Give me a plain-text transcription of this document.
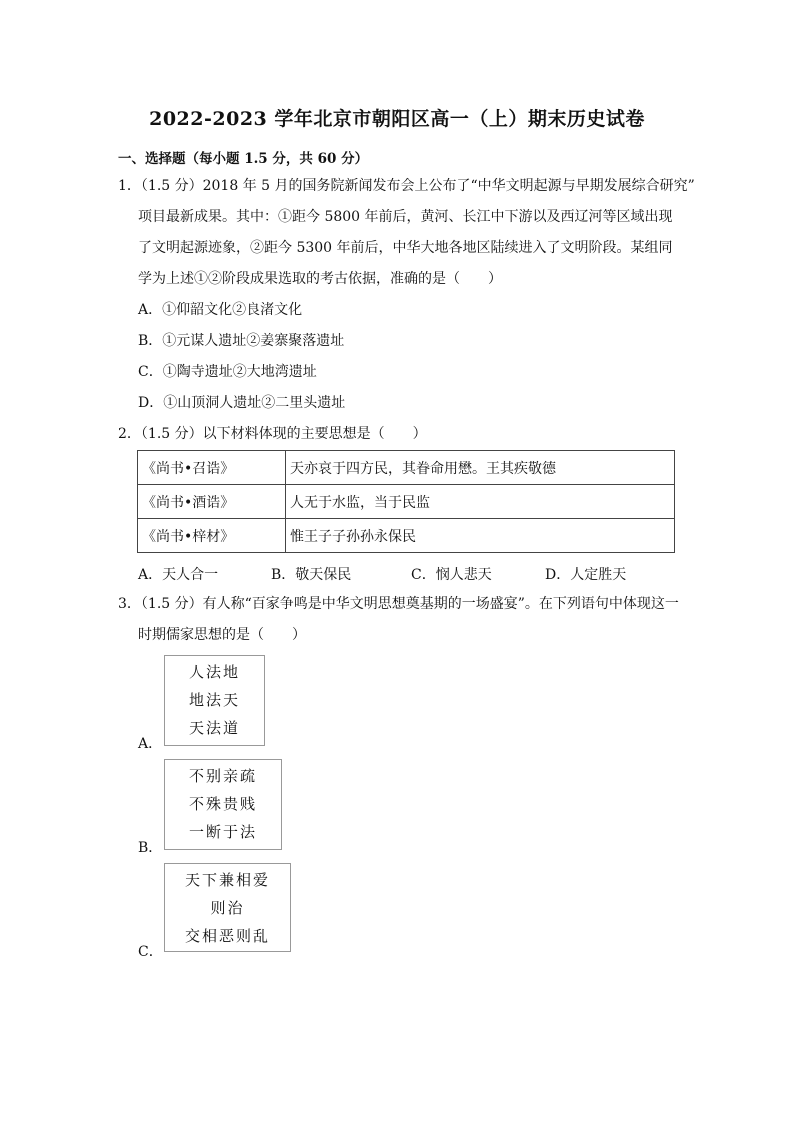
2022-2023 学年北京市朝阳区高一（上）期末历史试卷
一、选择题（每小题 1.5 分，共 60 分）
1．（1.5 分）2018 年 5 月的国务院新闻发布会上公布了“中华文明起源与早期发展综合研究”
项目最新成果。其中：①距今 5800 年前后，黄河、长江中下游以及西辽河等区域出现
了文明起源迹象，②距今 5300 年前后，中华大地各地区陆续进入了文明阶段。某组同
学为上述①②阶段成果选取的考古依据，准确的是（　　）
A．①仰韶文化②良渚文化
B．①元谋人遗址②姜寨聚落遗址
C．①陶寺遗址②大地湾遗址
D．①山顶洞人遗址②二里头遗址
2．（1.5 分）以下材料体现的主要思想是（　　）
《尚书•召诰》	天亦哀于四方民，其眷命用懋。王其疾敬德
《尚书•酒诰》	人无于水监，当于民监
《尚书•梓材》	惟王子子孙孙永保民
A．天人合一	B．敬天保民	C．悯人悲天	D．人定胜天
3．（1.5 分）有人称“百家争鸣是中华文明思想奠基期的一场盛宴”。在下列语句中体现这一
时期儒家思想的是（　　）
人法地
地法天
天法道
A．
不别亲疏
不殊贵贱
一断于法
B．
天下兼相爱
则治
交相恶则乱
C．
